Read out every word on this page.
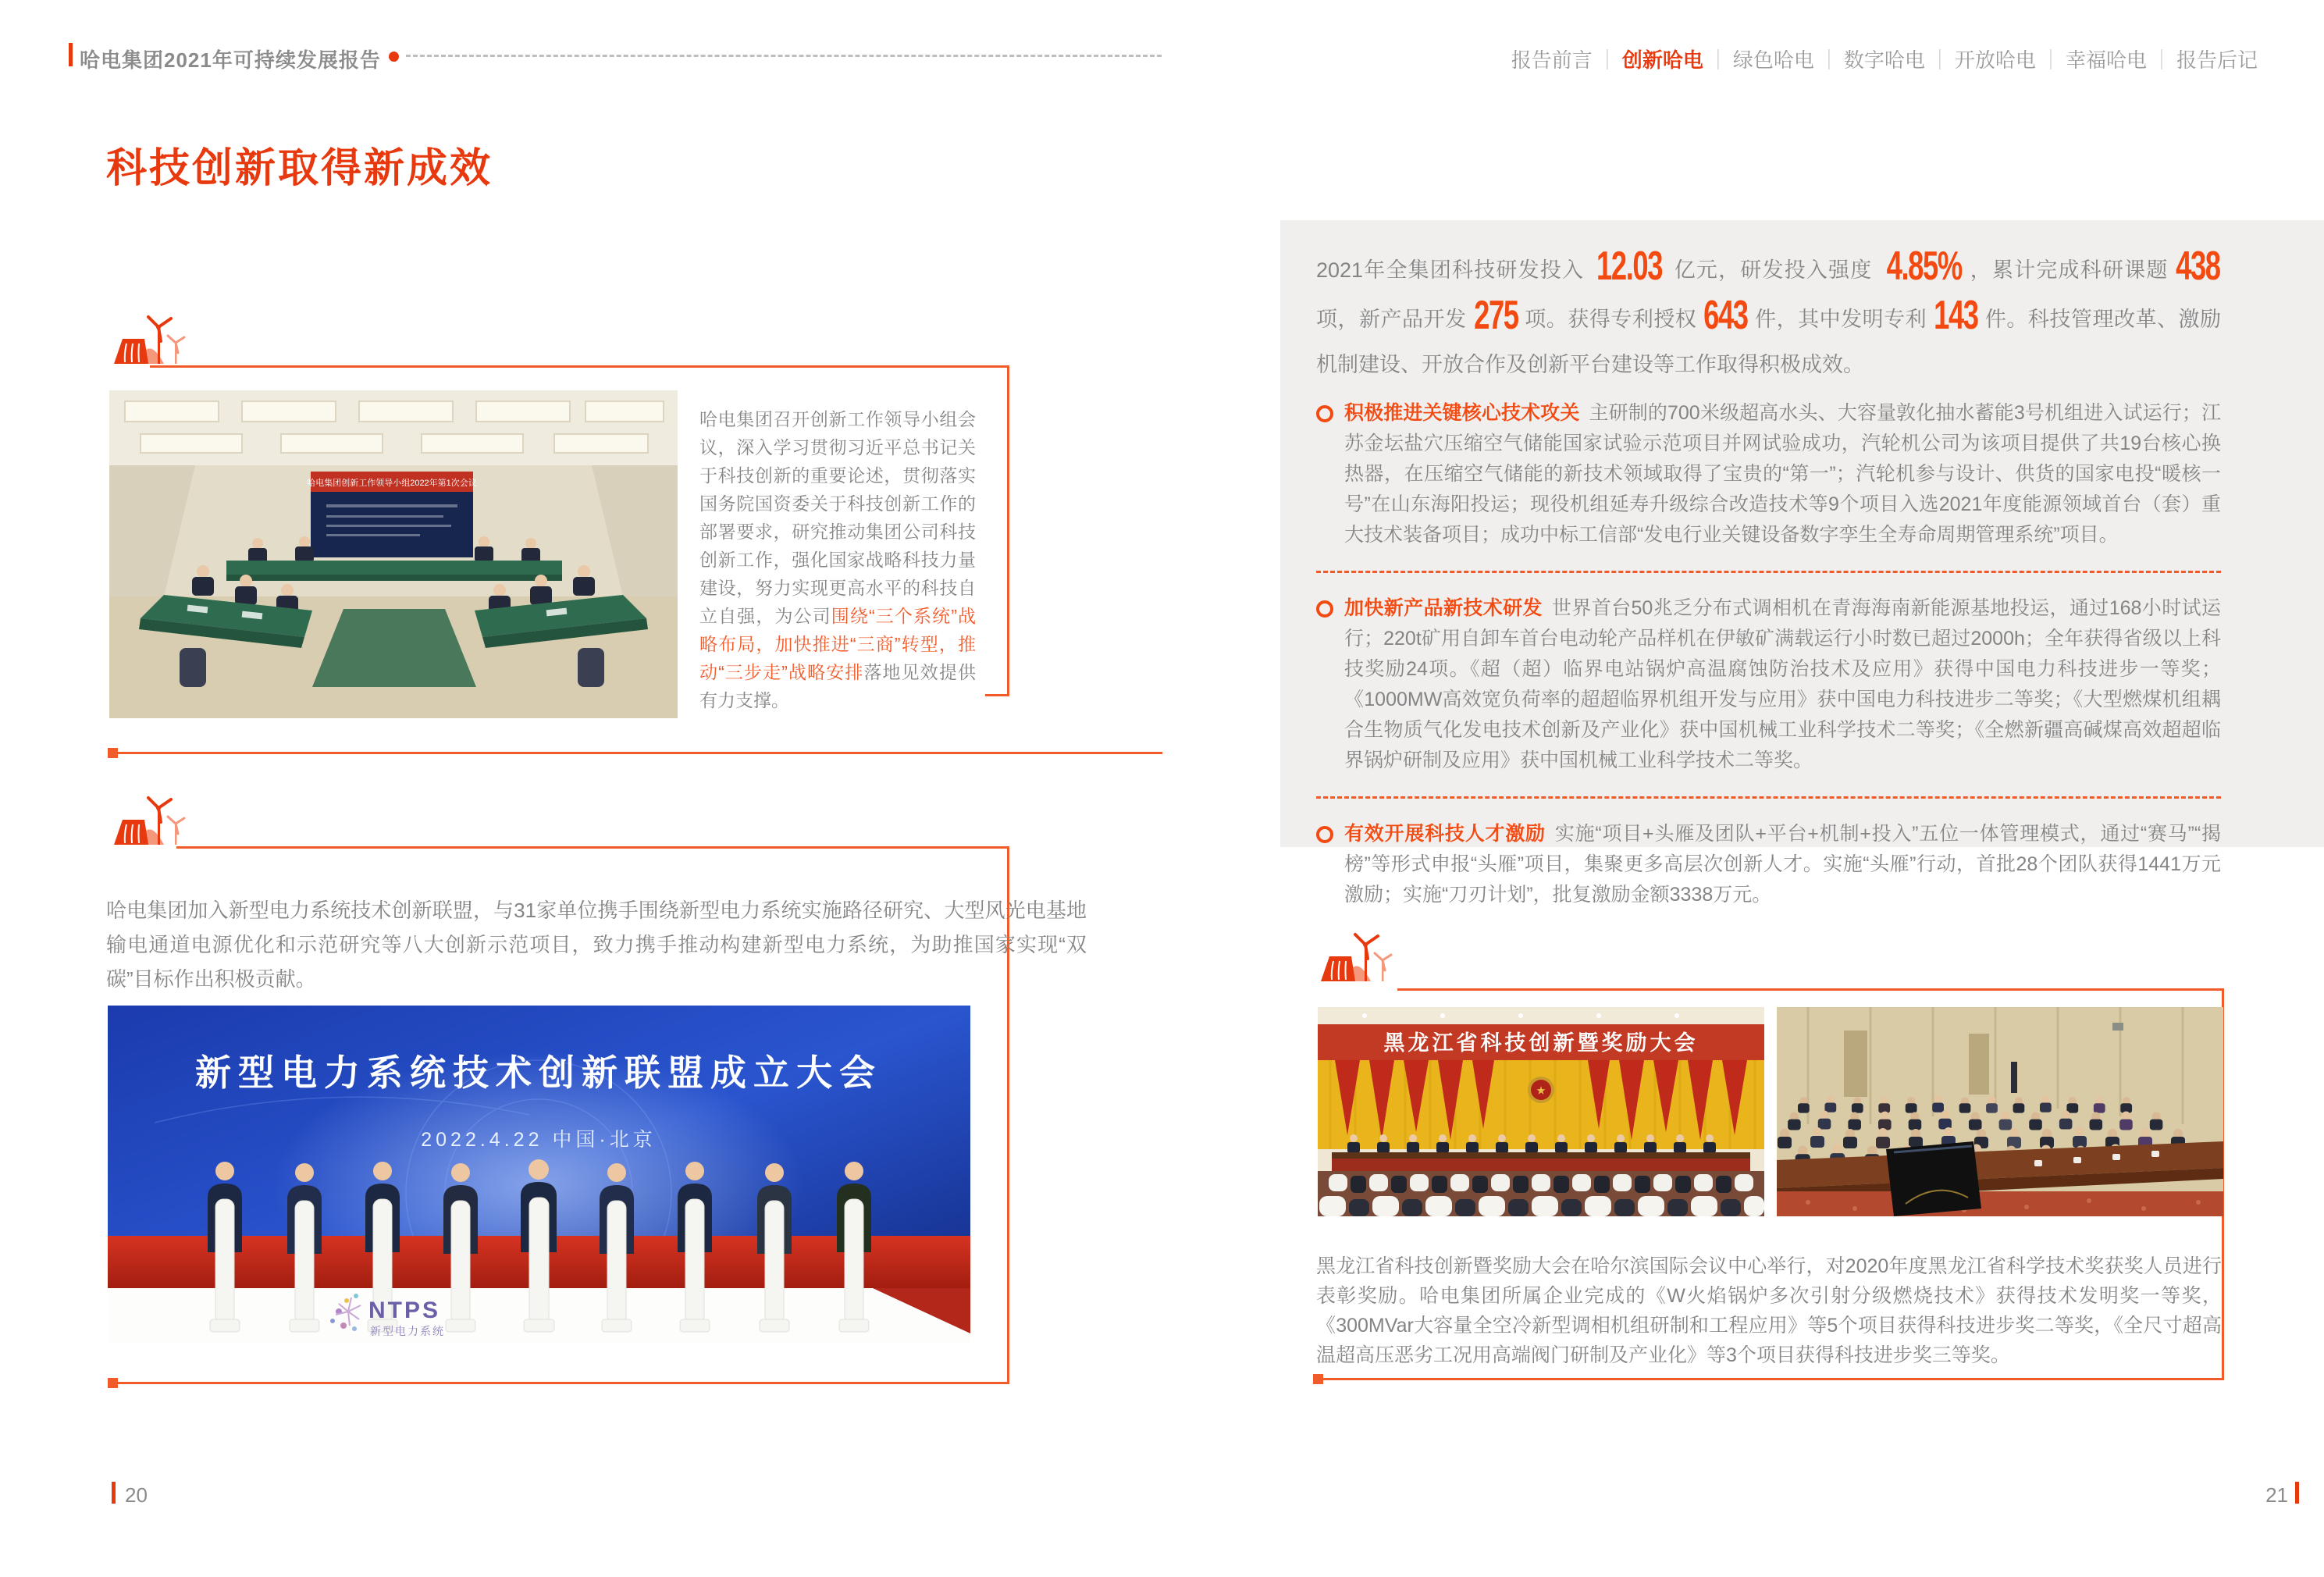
哈电集团2021年可持续发展报告	报告前言 ｜ 创新哈电 ｜ 绿色哈电 ｜ 数字哈电 ｜ 开放哈电 ｜ 幸福哈电 ｜ 报告后记
科技创新取得新成效
哈电集团创新工作领导小组2022年第1次会议

哈电集团召开创新工作领导小组会议，深入学习贯彻习近平总书记关于科技创新的重要论述，贯彻落实国务院国资委关于科技创新工作的部署要求，研究推动集团公司科技创新工作，强化国家战略科技力量建设，努力实现更高水平的科技自立自强，为公司围绕“三个系统”战略布局，加快推进“三商”转型，推动“三步走”战略安排落地见效提供有力支撑。

哈电集团加入新型电力系统技术创新联盟，与31家单位携手围绕新型电力系统实施路径研究、大型风光电基地输电通道电源优化和示范研究等八大创新示范项目，致力携手推动构建新型电力系统，为助推国家实现“双碳”目标作出积极贡献。

新型电力系统技术创新联盟成立大会
2022.4.22 中国·北京
NTPS
新型电力系统
20

2021年全集团科技研发投入 12.03 亿元，研发投入强度 4.85% ，累计完成科研课题 438 项，新产品开发 275 项。获得专利授权 643 件，其中发明专利 143 件。科技管理改革、激励机制建设、开放合作及创新平台建设等工作取得积极成效。

积极推进关键核心技术攻关 主研制的700米级超高水头、大容量敦化抽水蓄能3号机组进入试运行；江苏金坛盐穴压缩空气储能国家试验示范项目并网试验成功，汽轮机公司为该项目提供了共19台核心换热器，在压缩空气储能的新技术领域取得了宝贵的“第一”；汽轮机参与设计、供货的国家电投“暖核一号”在山东海阳投运；现役机组延寿升级综合改造技术等9个项目入选2021年度能源领域首台（套）重大技术装备项目；成功中标工信部“发电行业关键设备数字孪生全寿命周期管理系统”项目。
加快新产品新技术研发 世界首台50兆乏分布式调相机在青海海南新能源基地投运，通过168小时试运行；220t矿用自卸车首台电动轮产品样机在伊敏矿满载运行小时数已超过2000h；全年获得省级以上科技奖励24项。《超（超）临界电站锅炉高温腐蚀防治技术及应用》获得中国电力科技进步一等奖；《1000MW高效宽负荷率的超超临界机组开发与应用》获中国电力科技进步二等奖；《大型燃煤机组耦合生物质气化发电技术创新及产业化》获中国机械工业科学技术二等奖；《全燃新疆高碱煤高效超超临界锅炉研制及应用》获中国机械工业科学技术二等奖。
有效开展科技人才激励 实施“项目+头雁及团队+平台+机制+投入”五位一体管理模式，通过“赛马”“揭榜”等形式申报“头雁”项目，集聚更多高层次创新人才。实施“头雁”行动，首批28个团队获得1441万元激励；实施“刀刃计划”，批复激励金额3338万元。
黑龙江省科技创新暨奖励大会

黑龙江省科技创新暨奖励大会在哈尔滨国际会议中心举行，对2020年度黑龙江省科学技术奖获奖人员进行表彰奖励。哈电集团所属企业完成的《W火焰锅炉多次引射分级燃烧技术》获得技术发明奖一等奖，《300MVar大容量全空冷新型调相机组研制和工程应用》等5个项目获得科技进步奖二等奖，《全尺寸超高温超高压恶劣工况用高端阀门研制及产业化》等3个项目获得科技进步奖三等奖。

21
